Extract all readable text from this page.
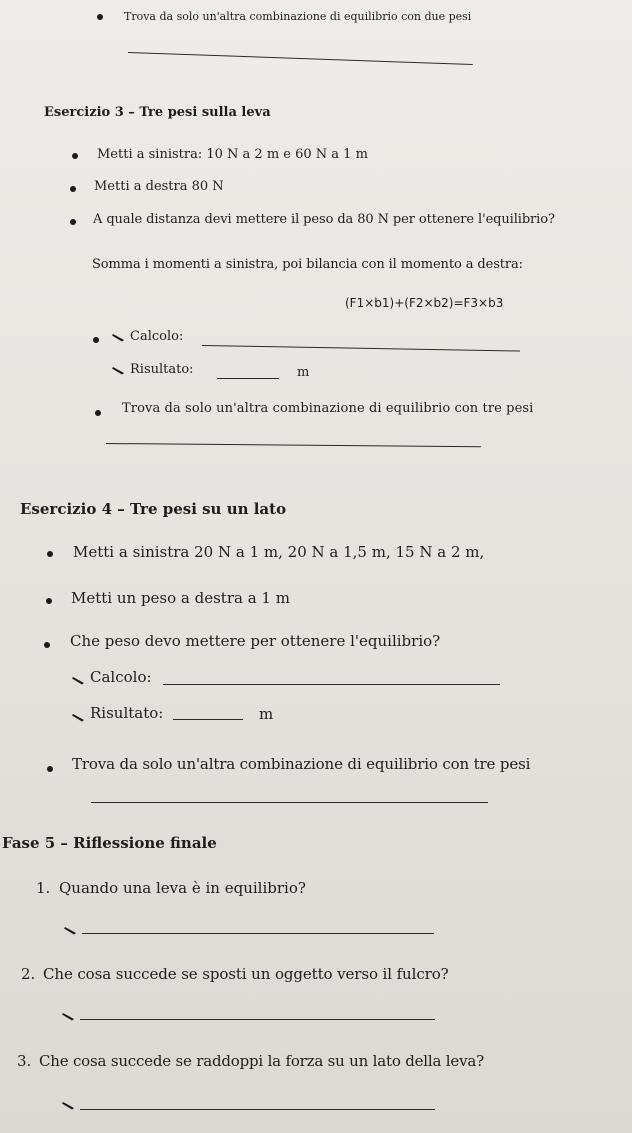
Trova da solo un'altra combinazione di equilibrio con due pesi
Esercizio 3 – Tre pesi sulla leva
Metti a sinistra: 10 N a 2 m e 60 N a 1 m
Metti a destra 80 N
A quale distanza devi mettere il peso da 80 N per ottenere l'equilibrio?
Somma i momenti a sinistra, poi bilancia con il momento a destra:
(F1×b1)+(F2×b2)=F3×b3
Calcolo:
Risultato:	m
Trova da solo un'altra combinazione di equilibrio con tre pesi
Esercizio 4 – Tre pesi su un lato
Metti a sinistra 20 N a 1 m, 20 N a 1,5 m, 15 N a 2 m,
Metti un peso a destra a 1 m
Che peso devo mettere per ottenere l'equilibrio?
Calcolo:
Risultato:	m
Trova da solo un'altra combinazione di equilibrio con tre pesi
Fase 5 – Riflessione finale
1. Quando una leva è in equilibrio?
2. Che cosa succede se sposti un oggetto verso il fulcro?
3. Che cosa succede se raddoppi la forza su un lato della leva?
